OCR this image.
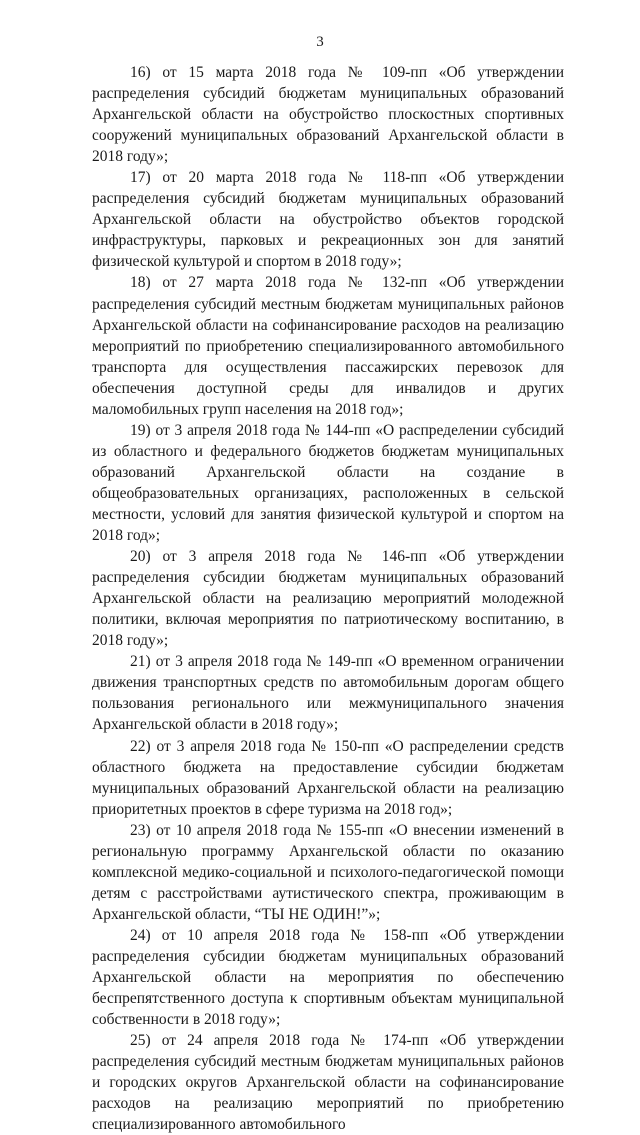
3

16) от 15 марта 2018 года № 109-пп «Об утверждении распределения субсидий бюджетам муниципальных образований Архангельской области на обустройство плоскостных спортивных сооружений муниципальных образований Архангельской области в 2018 году»;

17) от 20 марта 2018 года № 118-пп «Об утверждении распределения субсидий бюджетам муниципальных образований Архангельской области на обустройство объектов городской инфраструктуры, парковых и рекреационных зон для занятий физической культурой и спортом в 2018 году»;

18) от 27 марта 2018 года № 132-пп «Об утверждении распределения субсидий местным бюджетам муниципальных районов Архангельской области на софинансирование расходов на реализацию мероприятий по приобретению специализированного автомобильного транспорта для осуществления пассажирских перевозок для обеспечения доступной среды для инвалидов и других маломобильных групп населения на 2018 год»;

19) от 3 апреля 2018 года № 144-пп «О распределении субсидий из областного и федерального бюджетов бюджетам муниципальных образований Архангельской области на создание в общеобразовательных организациях, расположенных в сельской местности, условий для занятия физической культурой и спортом на 2018 год»;

20) от 3 апреля 2018 года № 146-пп «Об утверждении распределения субсидии бюджетам муниципальных образований Архангельской области на реализацию мероприятий молодежной политики, включая мероприятия по патриотическому воспитанию, в 2018 году»;

21) от 3 апреля 2018 года № 149-пп «О временном ограничении движения транспортных средств по автомобильным дорогам общего пользования регионального или межмуниципального значения Архангельской области в 2018 году»;

22) от 3 апреля 2018 года № 150-пп «О распределении средств областного бюджета на предоставление субсидии бюджетам муниципальных образований Архангельской области на реализацию приоритетных проектов в сфере туризма на 2018 год»;

23) от 10 апреля 2018 года № 155-пп «О внесении изменений в региональную программу Архангельской области по оказанию комплексной медико-социальной и психолого-педагогической помощи детям с расстройствами аутистического спектра, проживающим в Архангельской области, “ТЫ НЕ ОДИН!”»;

24) от 10 апреля 2018 года № 158-пп «Об утверждении распределения субсидии бюджетам муниципальных образований Архангельской области на мероприятия по обеспечению беспрепятственного доступа к спортивным объектам муниципальной собственности в 2018 году»;

25) от 24 апреля 2018 года № 174-пп «Об утверждении распределения субсидий местным бюджетам муниципальных районов и городских округов Архангельской области на софинансирование расходов на реализацию мероприятий по приобретению специализированного автомобильного
